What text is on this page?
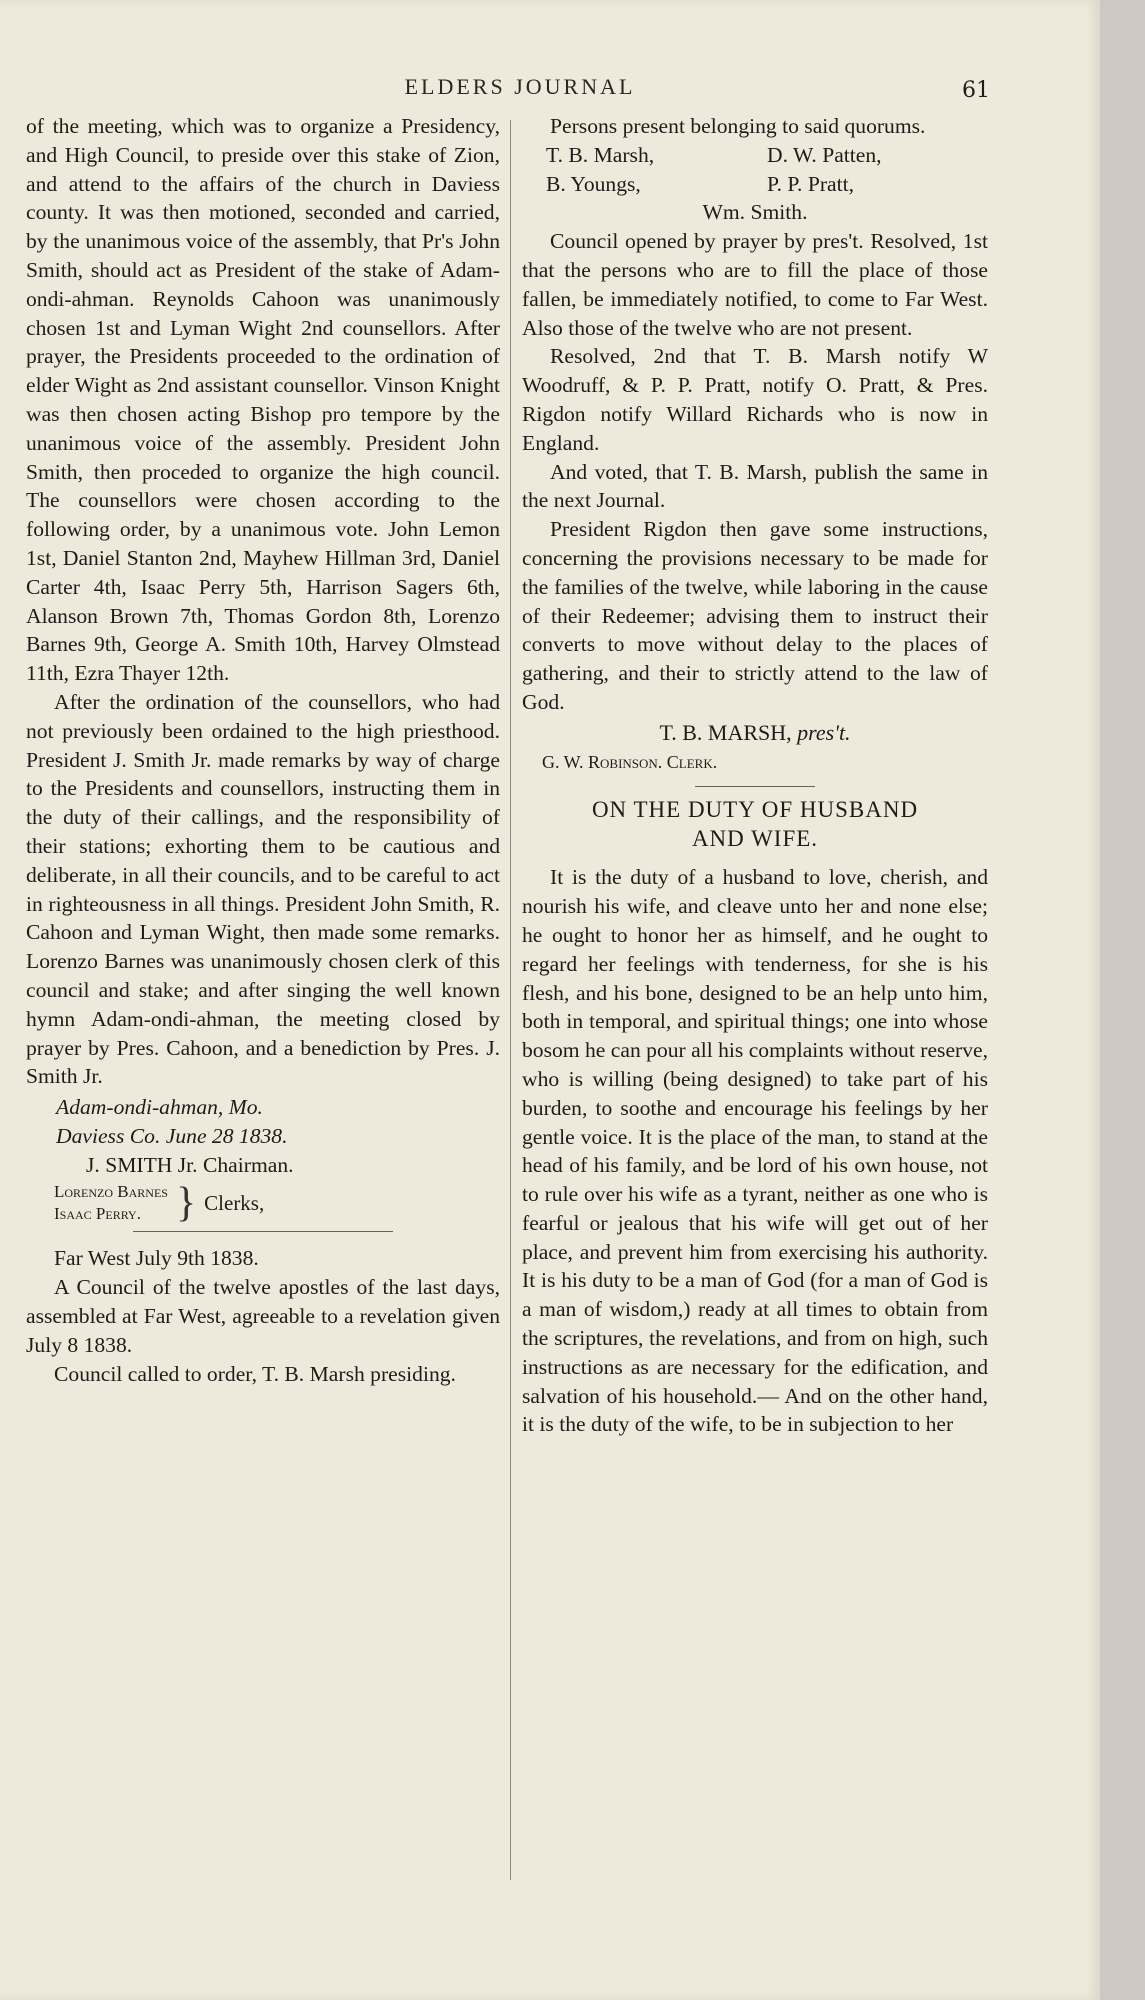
ELDERS JOURNAL	61

of the meeting, which was to organize a Presidency, and High Council, to preside over this stake of Zion, and attend to the affairs of the church in Daviess county. It was then motioned, seconded and carried, by the unanimous voice of the assembly, that Pr's John Smith, should act as President of the stake of Adam-ondi-ahman. Reynolds Cahoon was unanimously chosen 1st and Lyman Wight 2nd counsellors. After prayer, the Presidents proceeded to the ordination of elder Wight as 2nd assistant counsellor. Vinson Knight was then chosen acting Bishop pro tempore by the unanimous voice of the assembly. President John Smith, then proceded to organize the high council. The counsellors were chosen according to the following order, by a unanimous vote. John Lemon 1st, Daniel Stanton 2nd, Mayhew Hillman 3rd, Daniel Carter 4th, Isaac Perry 5th, Harrison Sagers 6th, Alanson Brown 7th, Thomas Gordon 8th, Lorenzo Barnes 9th, George A. Smith 10th, Harvey Olmstead 11th, Ezra Thayer 12th.

After the ordination of the counsellors, who had not previously been ordained to the high priesthood. President J. Smith Jr. made remarks by way of charge to the Presidents and counsellors, instructing them in the duty of their callings, and the responsibility of their stations; exhorting them to be cautious and deliberate, in all their councils, and to be careful to act in righteousness in all things. President John Smith, R. Cahoon and Lyman Wight, then made some remarks. Lorenzo Barnes was unanimously chosen clerk of this council and stake; and after singing the well known hymn Adam-ondi-ahman, the meeting closed by prayer by Pres. Cahoon, and a benediction by Pres. J. Smith Jr.

Adam-ondi-ahman, Mo.

Daviess Co. June 28 1838.

J. SMITH Jr. Chairman.

Lorenzo Barnes
Isaac Perry. } Clerks,

Far West July 9th 1838.

A Council of the twelve apostles of the last days, assembled at Far West, agreeable to a revelation given July 8 1838.

Council called to order, T. B. Marsh presiding.

Persons present belonging to said quorums.

T. B. Marsh,	D. W. Patten,
B. Youngs,	P. P. Pratt,

Wm. Smith.

Council opened by prayer by pres't. Resolved, 1st that the persons who are to fill the place of those fallen, be immediately notified, to come to Far West. Also those of the twelve who are not present.

Resolved, 2nd that T. B. Marsh notify W Woodruff, & P. P. Pratt, notify O. Pratt, & Pres. Rigdon notify Willard Richards who is now in England.

And voted, that T. B. Marsh, publish the same in the next Journal.

President Rigdon then gave some instructions, concerning the provisions necessary to be made for the families of the twelve, while laboring in the cause of their Redeemer; advising them to instruct their converts to move without delay to the places of gathering, and their to strictly attend to the law of God.

T. B. MARSH, pres't.

G. W. Robinson. Clerk.

ON THE DUTY OF HUSBAND
AND WIFE.

It is the duty of a husband to love, cherish, and nourish his wife, and cleave unto her and none else; he ought to honor her as himself, and he ought to regard her feelings with tenderness, for she is his flesh, and his bone, designed to be an help unto him, both in temporal, and spiritual things; one into whose bosom he can pour all his complaints without reserve, who is willing (being designed) to take part of his burden, to soothe and encourage his feelings by her gentle voice. It is the place of the man, to stand at the head of his family, and be lord of his own house, not to rule over his wife as a tyrant, neither as one who is fearful or jealous that his wife will get out of her place, and prevent him from exercising his authority. It is his duty to be a man of God (for a man of God is a man of wisdom,) ready at all times to obtain from the scriptures, the revelations, and from on high, such instructions as are necessary for the edification, and salvation of his household.— And on the other hand, it is the duty of the wife, to be in subjection to her
